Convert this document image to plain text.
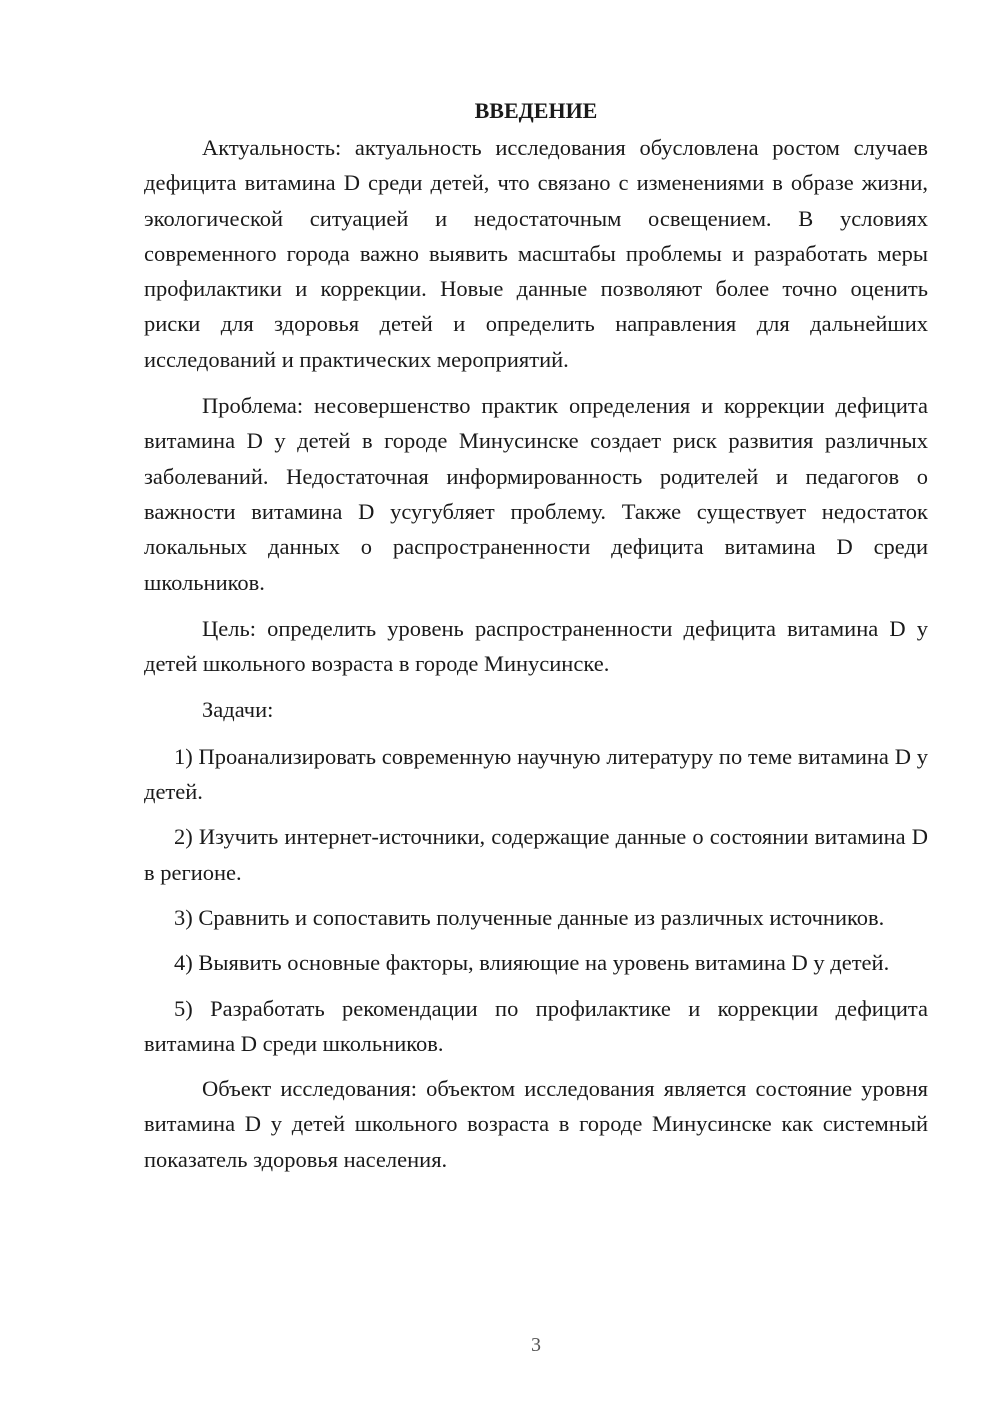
ВВЕДЕНИЕ

Актуальность: актуальность исследования обусловлена ростом случаев дефицита витамина D среди детей, что связано с изменениями в образе жизни, экологической ситуацией и недостаточным освещением. В условиях современного города важно выявить масштабы проблемы и разработать меры профилактики и коррекции. Новые данные позволяют более точно оценить риски для здоровья детей и определить направления для дальнейших исследований и практических мероприятий.

Проблема: несовершенство практик определения и коррекции дефицита витамина D у детей в городе Минусинске создает риск развития различных заболеваний. Недостаточная информированность родителей и педагогов о важности витамина D усугубляет проблему. Также существует недостаток локальных данных о распространенности дефицита витамина D среди школьников.

Цель: определить уровень распространенности дефицита витамина D у детей школьного возраста в городе Минусинске.

Задачи:

1) Проанализировать современную научную литературу по теме витамина D у детей.

2) Изучить интернет-источники, содержащие данные о состоянии витамина D в регионе.

3) Сравнить и сопоставить полученные данные из различных источников.

4) Выявить основные факторы, влияющие на уровень витамина D у детей.

5) Разработать рекомендации по профилактике и коррекции дефицита витамина D среди школьников.

Объект исследования: объектом исследования является состояние уровня витамина D у детей школьного возраста в городе Минусинске как системный показатель здоровья населения.

3
